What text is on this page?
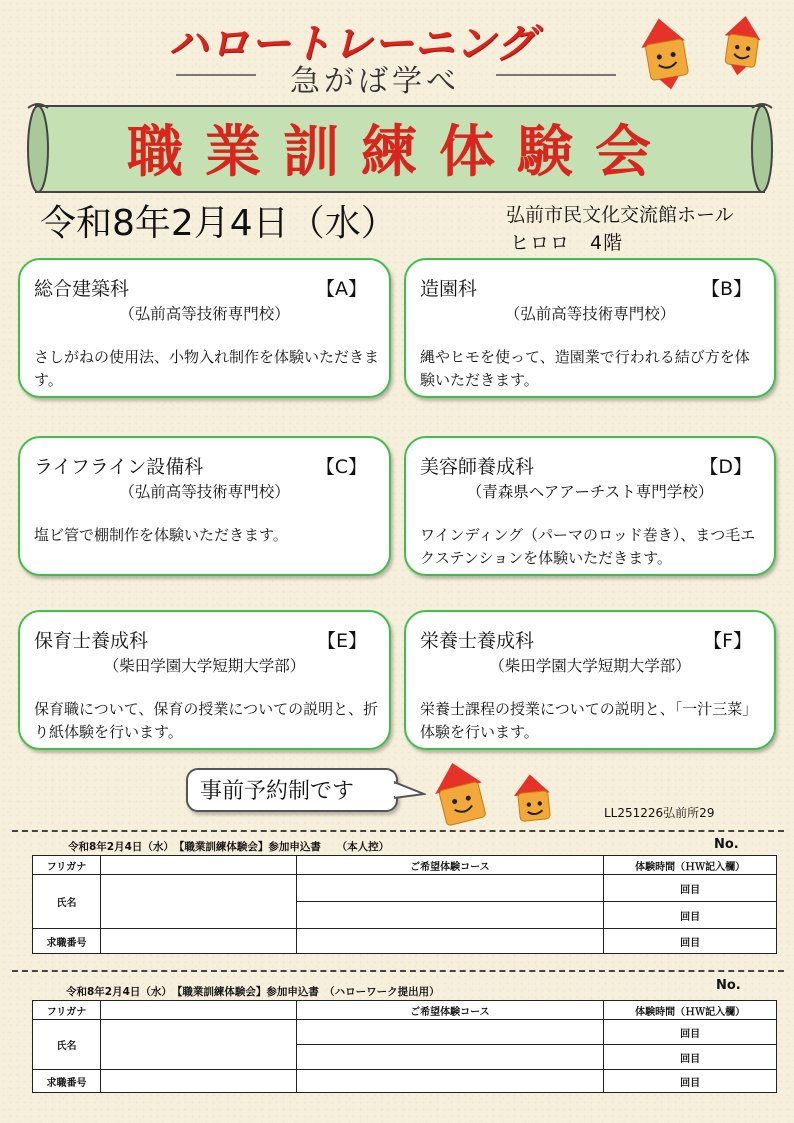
ハロートレーニング
急がば学べ
職業訓練体験会
令和8年2月4日（水）	弘前市民文化交流館ホール
ヒロロ　4階
総合建築科	【A】
（弘前高等技術専門校）
さしがねの使用法、小物入れ制作を体験いただきます。
造園科	【B】
（弘前高等技術専門校）
縄やヒモを使って、造園業で行われる結び方を体験いただきます。
ライフライン設備科	【C】
（弘前高等技術専門校）
塩ビ管で棚制作を体験いただきます。
美容師養成科	【D】
（青森県ヘアアーチスト専門学校）
ワインディング（パーマのロッド巻き）、まつ毛エクステンションを体験いただきます。
保育士養成科	【E】
（柴田学園大学短期大学部）
保育職について、保育の授業についての説明と、折り紙体験を行います。
栄養士養成科	【F】
（柴田学園大学短期大学部）
栄養士課程の授業についての説明と、「一汁三菜」体験を行います。
事前予約制です
LL251226弘前所29
令和8年2月4日（水）　【職業訓練体験会】参加申込書　　（本人控）	No.
フリガナ		ご希望体験コース	体験時間（ＨＷ記入欄）
氏名			回目
			回目
求職番号			回目
令和8年2月4日（水）　【職業訓練体験会】参加申込書　（ハローワーク提出用）	No.
フリガナ		ご希望体験コース	体験時間（ＨＷ記入欄）
氏名			回目
			回目
求職番号			回目
